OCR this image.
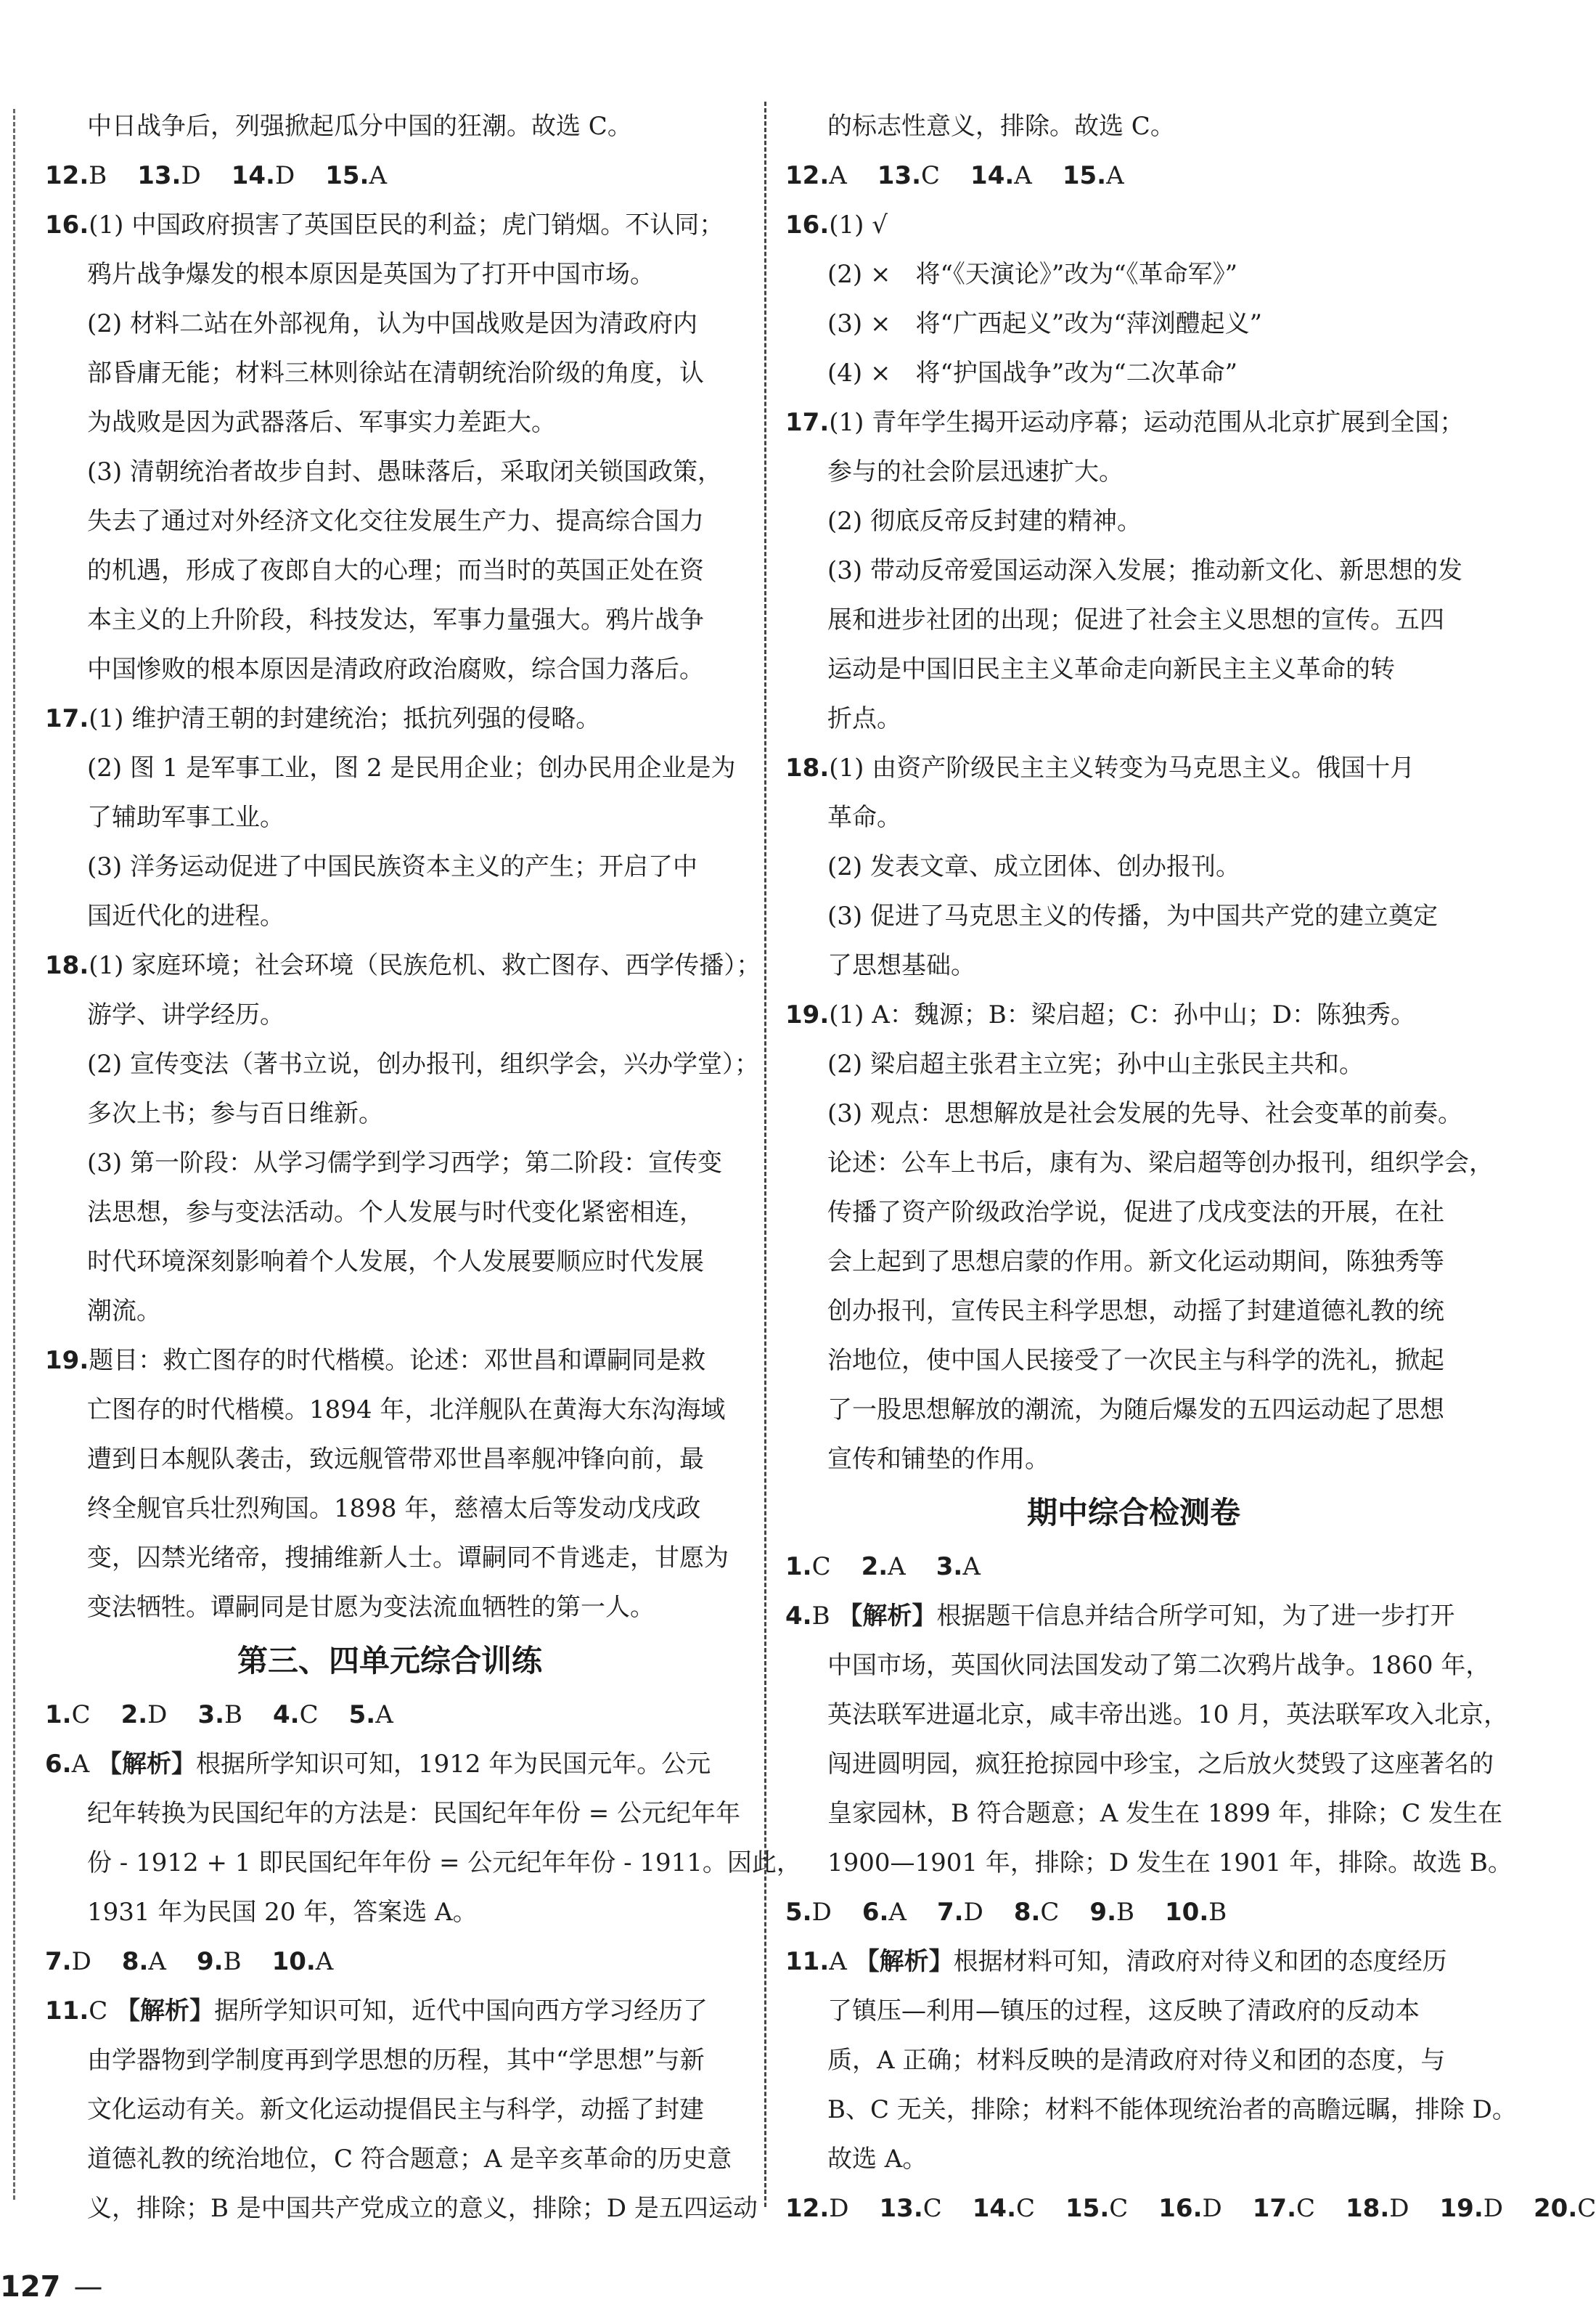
中日战争后，列强掀起瓜分中国的狂潮。故选 C。
12.B 13.D 14.D 15.A
16.(1) 中国政府损害了英国臣民的利益；虎门销烟。不认同；
鸦片战争爆发的根本原因是英国为了打开中国市场。
(2) 材料二站在外部视角，认为中国战败是因为清政府内
部昏庸无能；材料三林则徐站在清朝统治阶级的角度，认
为战败是因为武器落后、军事实力差距大。
(3) 清朝统治者故步自封、愚昧落后，采取闭关锁国政策，
失去了通过对外经济文化交往发展生产力、提高综合国力
的机遇，形成了夜郎自大的心理；而当时的英国正处在资
本主义的上升阶段，科技发达，军事力量强大。鸦片战争
中国惨败的根本原因是清政府政治腐败，综合国力落后。
17.(1) 维护清王朝的封建统治；抵抗列强的侵略。
(2) 图 1 是军事工业，图 2 是民用企业；创办民用企业是为
了辅助军事工业。
(3) 洋务运动促进了中国民族资本主义的产生；开启了中
国近代化的进程。
18.(1) 家庭环境；社会环境（民族危机、救亡图存、西学传播）；
游学、讲学经历。
(2) 宣传变法（著书立说，创办报刊，组织学会，兴办学堂）；
多次上书；参与百日维新。
(3) 第一阶段：从学习儒学到学习西学；第二阶段：宣传变
法思想，参与变法活动。个人发展与时代变化紧密相连，
时代环境深刻影响着个人发展，个人发展要顺应时代发展
潮流。
19.题目：救亡图存的时代楷模。论述：邓世昌和谭嗣同是救
亡图存的时代楷模。1894 年，北洋舰队在黄海大东沟海域
遭到日本舰队袭击，致远舰管带邓世昌率舰冲锋向前，最
终全舰官兵壮烈殉国。1898 年，慈禧太后等发动戊戌政
变，囚禁光绪帝，搜捕维新人士。谭嗣同不肯逃走，甘愿为
变法牺牲。谭嗣同是甘愿为变法流血牺牲的第一人。
第三、四单元综合训练
1.C 2.D 3.B 4.C 5.A
6.A 【解析】根据所学知识可知，1912 年为民国元年。公元
纪年转换为民国纪年的方法是：民国纪年年份 = 公元纪年年
份 - 1912 + 1 即民国纪年年份 = 公元纪年年份 - 1911。因此，
1931 年为民国 20 年，答案选 A。
7.D 8.A 9.B 10.A
11.C 【解析】据所学知识可知，近代中国向西方学习经历了
由学器物到学制度再到学思想的历程，其中“学思想”与新
文化运动有关。新文化运动提倡民主与科学，动摇了封建
道德礼教的统治地位，C 符合题意；A 是辛亥革命的历史意
义，排除；B 是中国共产党成立的意义，排除；D 是五四运动
的标志性意义，排除。故选 C。
12.A 13.C 14.A 15.A
16.(1) √
(2) ×　将“《天演论》”改为“《革命军》”
(3) ×　将“广西起义”改为“萍浏醴起义”
(4) ×　将“护国战争”改为“二次革命”
17.(1) 青年学生揭开运动序幕；运动范围从北京扩展到全国；
参与的社会阶层迅速扩大。
(2) 彻底反帝反封建的精神。
(3) 带动反帝爱国运动深入发展；推动新文化、新思想的发
展和进步社团的出现；促进了社会主义思想的宣传。五四
运动是中国旧民主主义革命走向新民主主义革命的转
折点。
18.(1) 由资产阶级民主主义转变为马克思主义。俄国十月
革命。
(2) 发表文章、成立团体、创办报刊。
(3) 促进了马克思主义的传播，为中国共产党的建立奠定
了思想基础。
19.(1) A：魏源；B：梁启超；C：孙中山；D：陈独秀。
(2) 梁启超主张君主立宪；孙中山主张民主共和。
(3) 观点：思想解放是社会发展的先导、社会变革的前奏。
论述：公车上书后，康有为、梁启超等创办报刊，组织学会，
传播了资产阶级政治学说，促进了戊戌变法的开展，在社
会上起到了思想启蒙的作用。新文化运动期间，陈独秀等
创办报刊，宣传民主科学思想，动摇了封建道德礼教的统
治地位，使中国人民接受了一次民主与科学的洗礼，掀起
了一股思想解放的潮流，为随后爆发的五四运动起了思想
宣传和铺垫的作用。
期中综合检测卷
1.C 2.A 3.A
4.B 【解析】根据题干信息并结合所学可知，为了进一步打开
中国市场，英国伙同法国发动了第二次鸦片战争。1860 年，
英法联军进逼北京，咸丰帝出逃。10 月，英法联军攻入北京，
闯进圆明园，疯狂抢掠园中珍宝，之后放火焚毁了这座著名的
皇家园林，B 符合题意；A 发生在 1899 年，排除；C 发生在
1900—1901 年，排除；D 发生在 1901 年，排除。故选 B。
5.D 6.A 7.D 8.C 9.B 10.B
11.A 【解析】根据材料可知，清政府对待义和团的态度经历
了镇压—利用—镇压的过程，这反映了清政府的反动本
质，A 正确；材料反映的是清政府对待义和团的态度，与
B、C 无关，排除；材料不能体现统治者的高瞻远瞩，排除 D。
故选 A。
12.D 13.C 14.C 15.C 16.D 17.C 18.D 19.D 20.C
127 —
